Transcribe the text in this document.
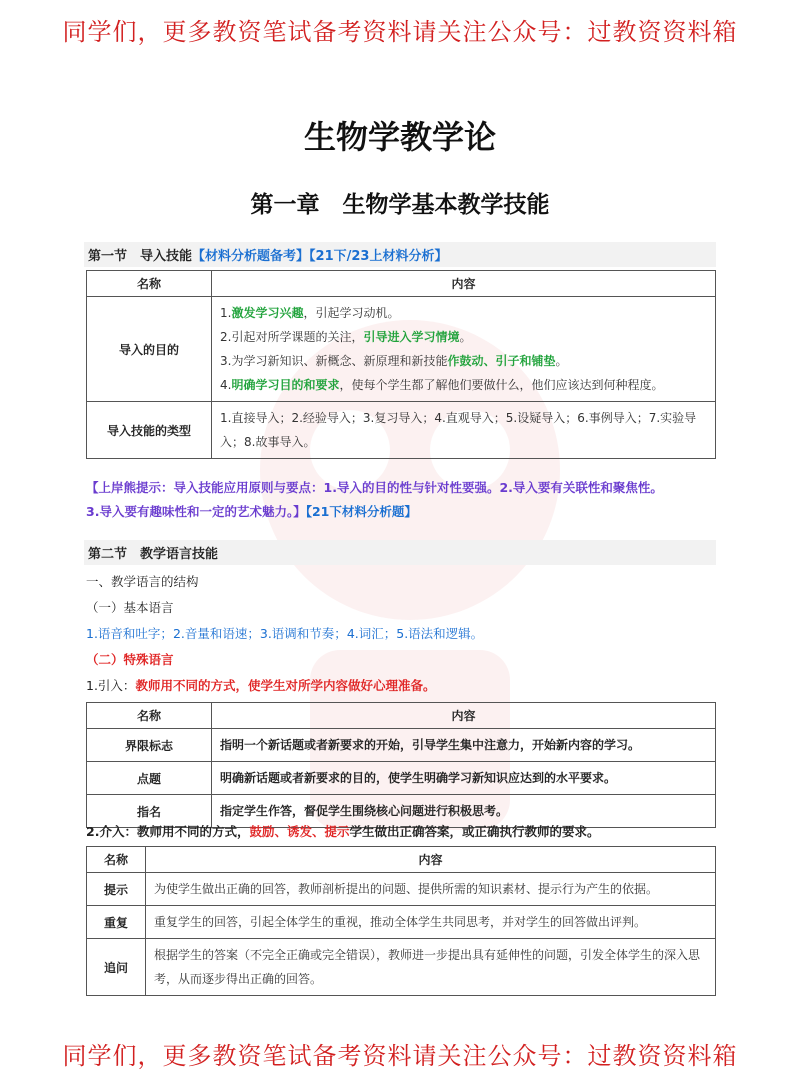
同学们，更多教资笔试备考资料请关注公众号：过教资资料箱
生物学教学论
第一章　生物学基本教学技能
第一节　导入技能【材料分析题备考】【21下/23上材料分析】
名称	内容
导入的目的	1.激发学习兴趣，引起学习动机。
2.引起对所学课题的关注，引导进入学习情境。
3.为学习新知识、新概念、新原理和新技能作鼓动、引子和铺垫。
4.明确学习目的和要求，使每个学生都了解他们要做什么，他们应该达到何种程度。

导入技能的类型	1.直接导入；2.经验导入；3.复习导入；4.直观导入；5.设疑导入；6.事例导入；7.实验导入；8.故事导入。
【上岸熊提示：导入技能应用原则与要点：1.导入的目的性与针对性要强。2.导入要有关联性和聚焦性。
3.导入要有趣味性和一定的艺术魅力。】【21下材料分析题】
第二节　教学语言技能
一、教学语言的结构
（一）基本语言
1.语音和吐字；2.音量和语速；3.语调和节奏；4.词汇；5.语法和逻辑。
（二）特殊语言
1.引入：教师用不同的方式，使学生对所学内容做好心理准备。
名称	内容
界限标志	指明一个新话题或者新要求的开始，引导学生集中注意力，开始新内容的学习。
点题	明确新话题或者新要求的目的，使学生明确学习新知识应达到的水平要求。
指名	指定学生作答，督促学生围绕核心问题进行积极思考。
2.介入：教师用不同的方式，鼓励、诱发、提示学生做出正确答案，或正确执行教师的要求。
名称	内容
提示	为使学生做出正确的回答，教师剖析提出的问题、提供所需的知识素材、提示行为产生的依据。
重复	重复学生的回答，引起全体学生的重视，推动全体学生共同思考，并对学生的回答做出评判。
追问	根据学生的答案（不完全正确或完全错误），教师进一步提出具有延伸性的问题，引发全体学生的深入思考，从而逐步得出正确的回答。
同学们，更多教资笔试备考资料请关注公众号：过教资资料箱
